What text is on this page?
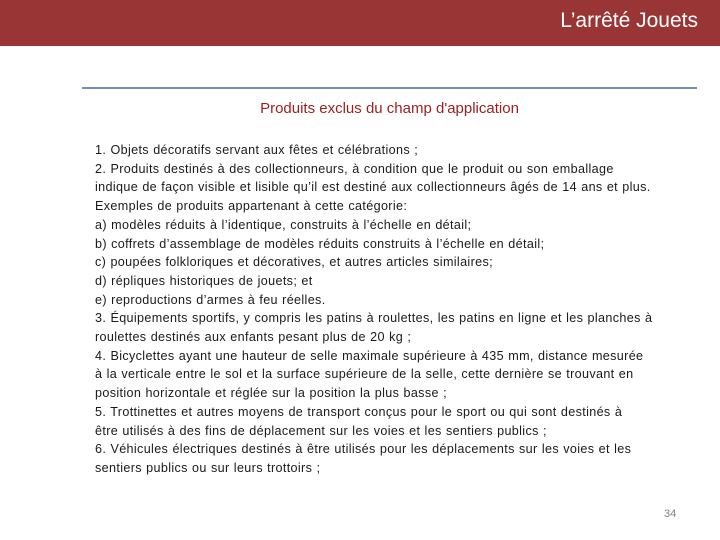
L’arrêté Jouets
Produits exclus du champ d'application
1. Objets décoratifs servant aux fêtes et célébrations ;
2. Produits destinés à des collectionneurs, à condition que le produit ou son emballage
indique de façon visible et lisible qu’il est destiné aux collectionneurs âgés de 14 ans et plus.
Exemples de produits appartenant à cette catégorie:
a) modèles réduits à l’identique, construits à l’échelle en détail;
b) coffrets d’assemblage de modèles réduits construits à l’échelle en détail;
c) poupées folkloriques et décoratives, et autres articles similaires;
d) répliques historiques de jouets; et
e) reproductions d’armes à feu réelles.
3. Équipements sportifs, y compris les patins à roulettes, les patins en ligne et les planches à
roulettes destinés aux enfants pesant plus de 20 kg ;
4. Bicyclettes ayant une hauteur de selle maximale supérieure à 435 mm, distance mesurée
à la verticale entre le sol et la surface supérieure de la selle, cette dernière se trouvant en
position horizontale et réglée sur la position la plus basse ;
5. Trottinettes et autres moyens de transport conçus pour le sport ou qui sont destinés à
être utilisés à des fins de déplacement sur les voies et les sentiers publics ;
6. Véhicules électriques destinés à être utilisés pour les déplacements sur les voies et les
sentiers publics ou sur leurs trottoirs ;
34
